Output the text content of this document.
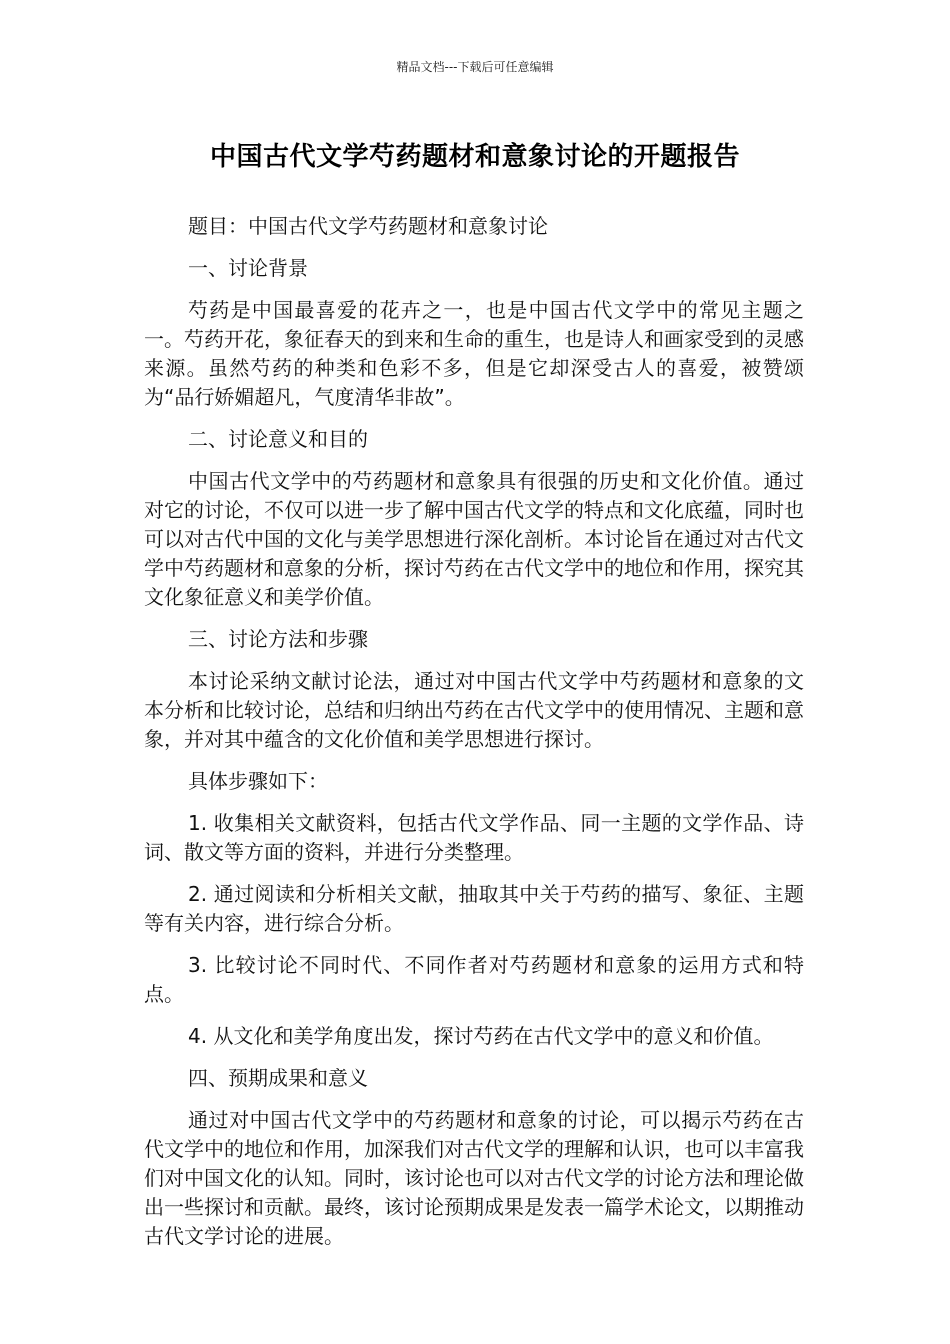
精品文档---下载后可任意编辑
中国古代文学芍药题材和意象讨论的开题报告

题目：中国古代文学芍药题材和意象讨论

一、讨论背景

芍药是中国最喜爱的花卉之一，也是中国古代文学中的常见主题之一。芍药开花，象征春天的到来和生命的重生，也是诗人和画家受到的灵感来源。虽然芍药的种类和色彩不多，但是它却深受古人的喜爱，被赞颂为“品行娇媚超凡，气度清华非故”。

二、讨论意义和目的

中国古代文学中的芍药题材和意象具有很强的历史和文化价值。通过对它的讨论，不仅可以进一步了解中国古代文学的特点和文化底蕴，同时也可以对古代中国的文化与美学思想进行深化剖析。本讨论旨在通过对古代文学中芍药题材和意象的分析，探讨芍药在古代文学中的地位和作用，探究其文化象征意义和美学价值。

三、讨论方法和步骤

本讨论采纳文献讨论法，通过对中国古代文学中芍药题材和意象的文本分析和比较讨论，总结和归纳出芍药在古代文学中的使用情况、主题和意象，并对其中蕴含的文化价值和美学思想进行探讨。

具体步骤如下：

1. 收集相关文献资料，包括古代文学作品、同一主题的文学作品、诗词、散文等方面的资料，并进行分类整理。

2. 通过阅读和分析相关文献，抽取其中关于芍药的描写、象征、主题等有关内容，进行综合分析。

3. 比较讨论不同时代、不同作者对芍药题材和意象的运用方式和特点。

4. 从文化和美学角度出发，探讨芍药在古代文学中的意义和价值。

四、预期成果和意义

通过对中国古代文学中的芍药题材和意象的讨论，可以揭示芍药在古代文学中的地位和作用，加深我们对古代文学的理解和认识，也可以丰富我们对中国文化的认知。同时，该讨论也可以对古代文学的讨论方法和理论做出一些探讨和贡献。最终，该讨论预期成果是发表一篇学术论文，以期推动古代文学讨论的进展。
